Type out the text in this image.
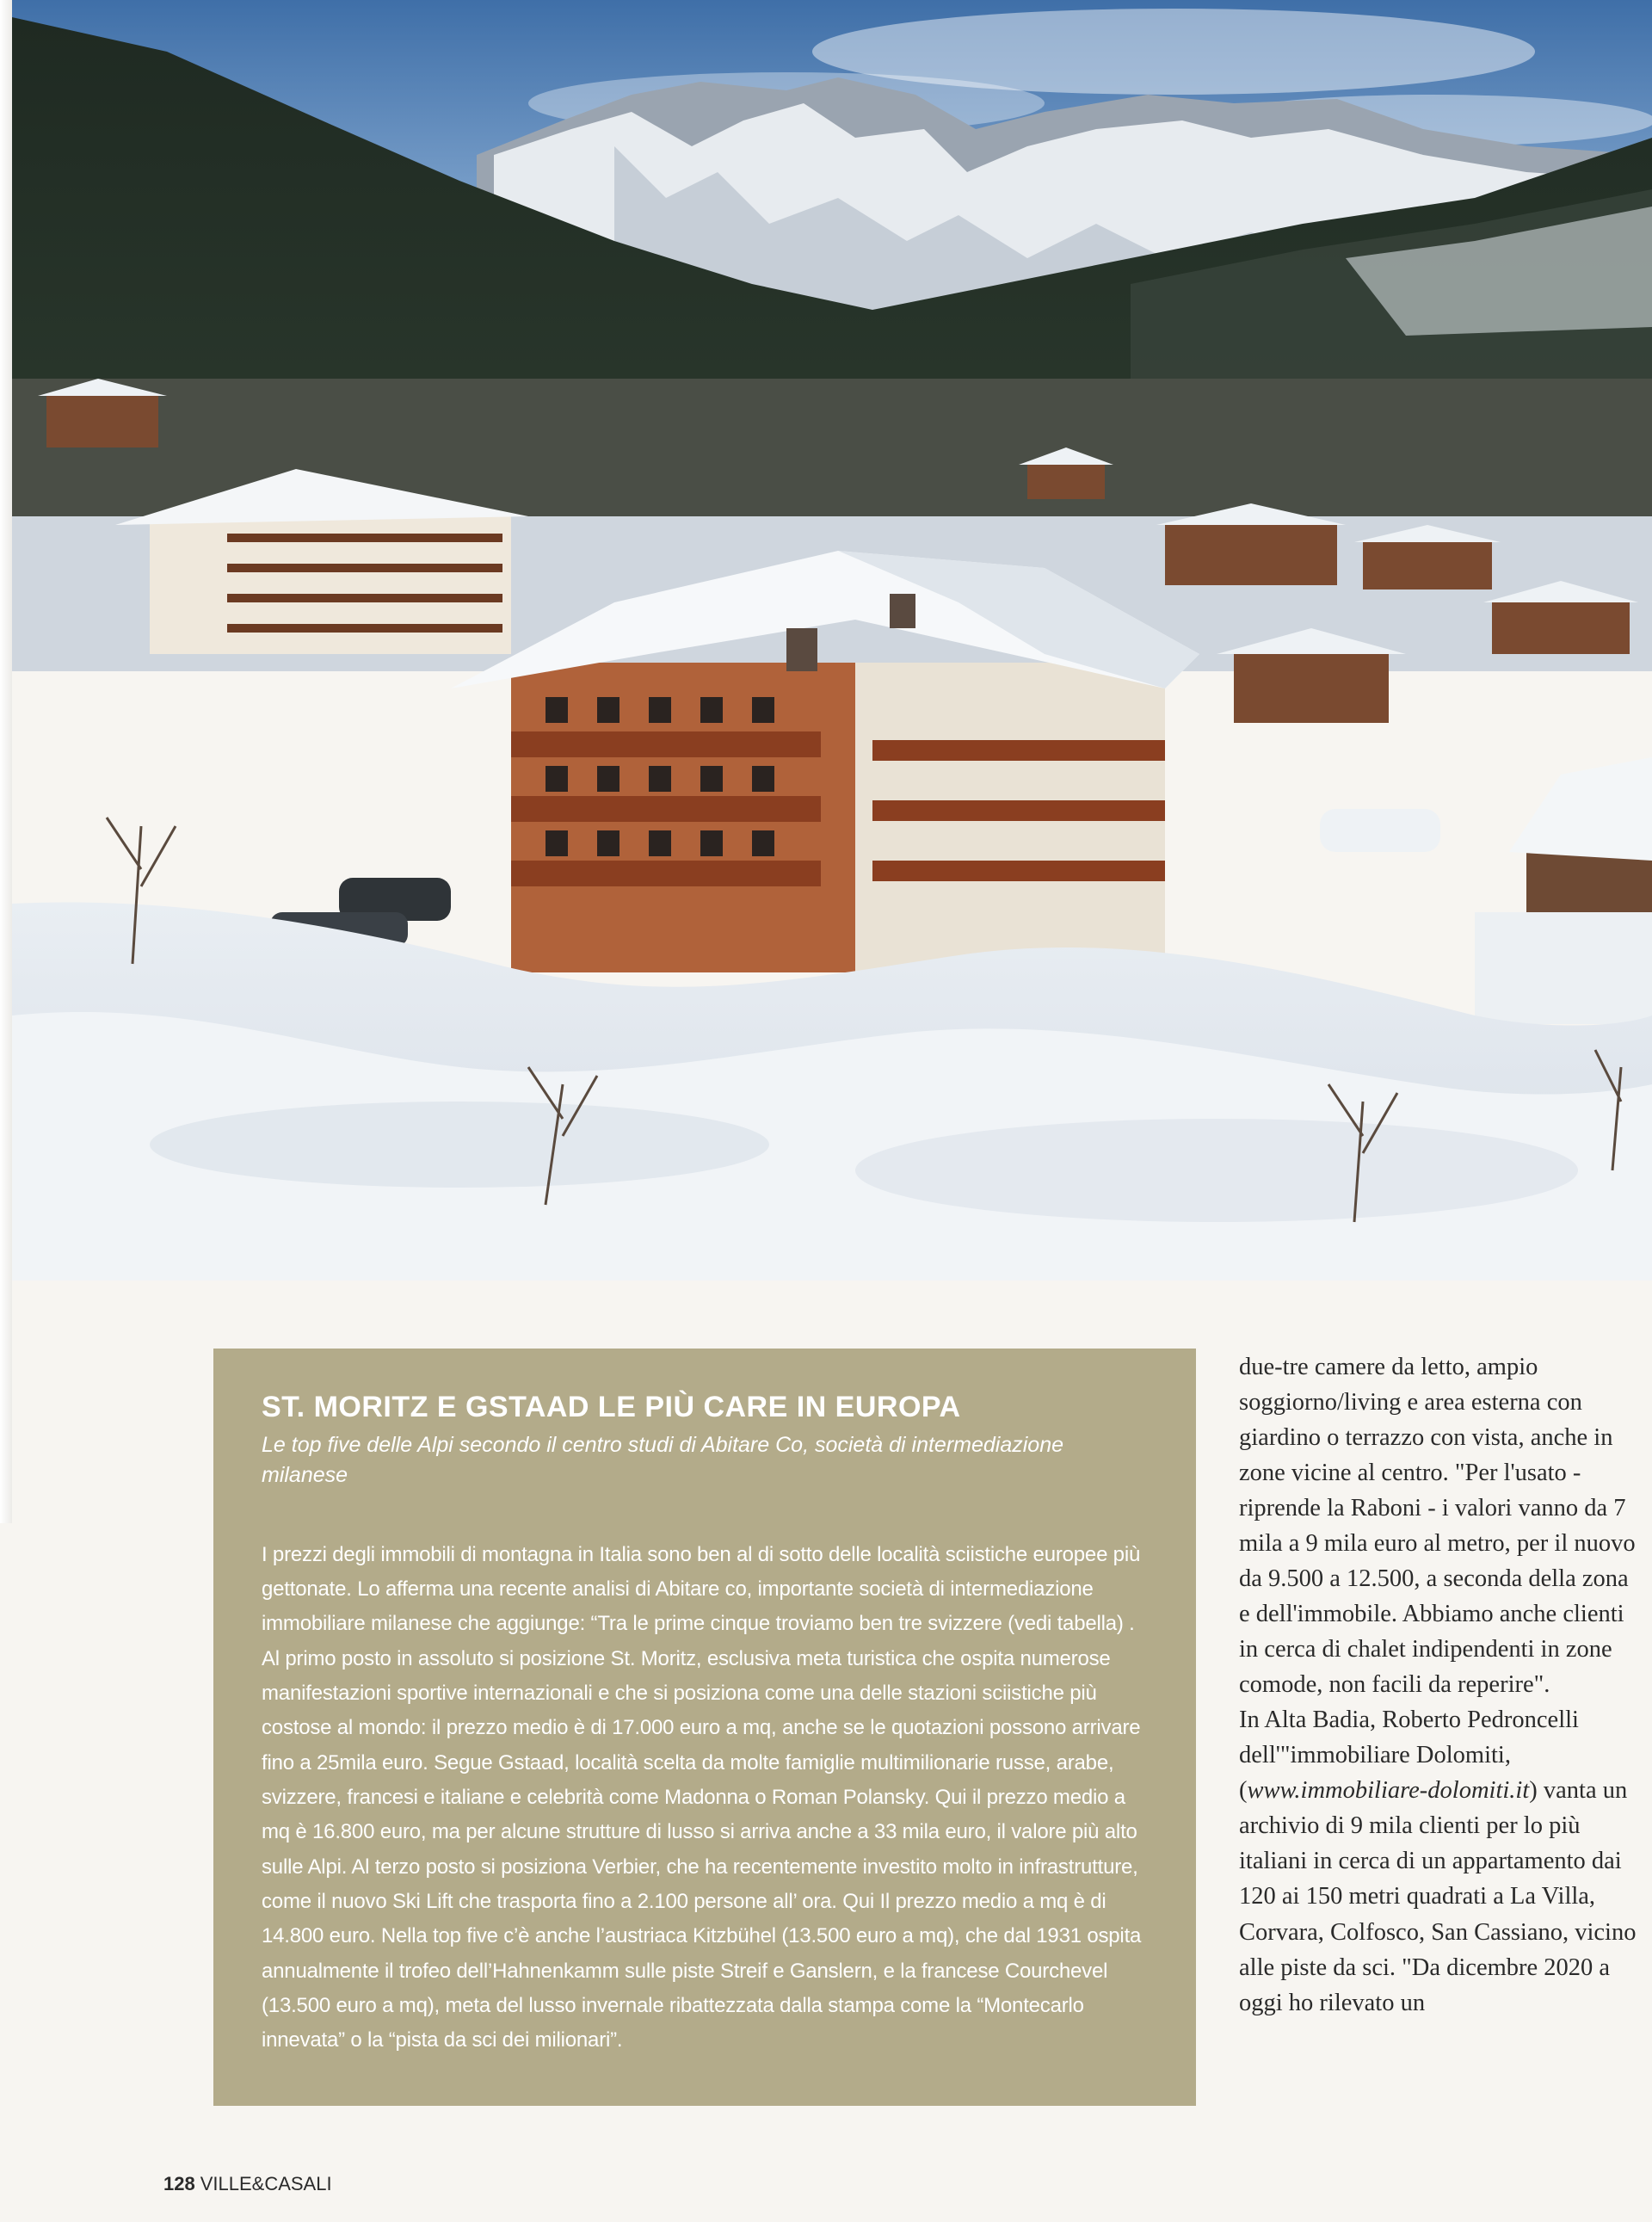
ST. MORITZ E GSTAAD LE PIÙ CARE IN EUROPA

Le top five delle Alpi secondo il centro studi di Abitare Co, società di intermediazione milanese

I prezzi degli immobili di montagna in Italia sono ben al di sotto delle località sciistiche europee più gettonate. Lo afferma una recente analisi di Abitare co, importante società di intermediazione immobiliare milanese che aggiunge: “Tra le prime cinque troviamo ben tre svizzere (vedi tabella) . Al primo posto in assoluto si posizione St. Moritz, esclusiva meta turistica che ospita numerose manifestazioni sportive internazionali e che si posiziona come una delle stazioni sciistiche più costose al mondo: il prezzo medio è di 17.000 euro a mq, anche se le quotazioni possono arrivare fino a 25mila euro. Segue Gstaad, località scelta da molte famiglie multimilionarie russe, arabe, svizzere, francesi e italiane e celebrità come Madonna o Roman Polansky. Qui il prezzo medio a mq è 16.800 euro, ma per alcune strutture di lusso si arriva anche a 33 mila euro, il valore più alto sulle Alpi. Al terzo posto si posiziona Verbier, che ha recentemente investito molto in infrastrutture, come il nuovo Ski Lift che trasporta fino a 2.100 persone all’ ora. Qui Il prezzo medio a mq è di 14.800 euro. Nella top five c’è anche l’austriaca Kitzbühel (13.500 euro a mq), che dal 1931 ospita annualmente il trofeo dell’Hahnenkamm sulle piste Streif e Ganslern, e la francese Courchevel (13.500 euro a mq), meta del lusso invernale ribattezzata dalla stampa come la “Montecarlo innevata” o la “pista da sci dei milionari”.

due-tre camere da letto, ampio soggiorno/living e area esterna con giardino o terrazzo con vista, anche in zone vicine al centro. "Per l'usato - riprende la Raboni - i valori vanno da 7 mila a 9 mila euro al metro, per il nuovo da 9.500 a 12.500, a seconda della zona e dell'immobile. Abbiamo anche clienti in cerca di chalet indipendenti in zone comode, non facili da reperire".

In Alta Badia, Roberto Pedroncelli dell'"immobiliare Dolomiti, (www.immobiliare-dolomiti.it) vanta un archivio di 9 mila clienti per lo più italiani in cerca di un appartamento dai 120 ai 150 metri quadrati a La Villa, Corvara, Colfosco, San Cassiano, vicino alle piste da sci. "Da dicembre 2020 a oggi ho rilevato un

128 VILLE&CASALI
